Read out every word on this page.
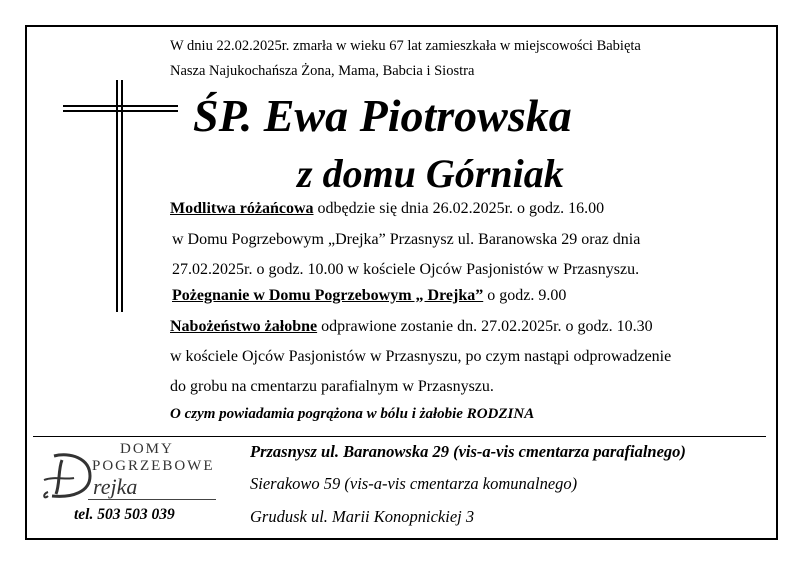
W dniu 22.02.2025r. zmarła w wieku 67 lat zamieszkała w miejscowości Babięta
Nasza Najukochańsza Żona, Mama, Babcia i Siostra
ŚP. Ewa Piotrowska
z domu Górniak
Modlitwa różańcowa odbędzie się dnia 26.02.2025r. o godz. 16.00
w Domu Pogrzebowym „Drejka” Przasnysz ul. Baranowska 29 oraz dnia
27.02.2025r. o godz. 10.00 w kościele Ojców Pasjonistów w Przasnyszu.
Pożegnanie w Domu Pogrzebowym „ Drejka” o godz. 9.00
Nabożeństwo żałobne odprawione zostanie dn. 27.02.2025r. o godz. 10.30
w kościele Ojców Pasjonistów w Przasnyszu, po czym nastąpi odprowadzenie
do grobu na cmentarzu parafialnym w Przasnyszu.
O czym powiadamia pogrążona w bólu i żałobie RODZINA
DOMY
POGRZEBOWE
rejka
tel. 503 503 039
Przasnysz ul. Baranowska 29 (vis-a-vis cmentarza parafialnego)
Sierakowo 59 (vis-a-vis cmentarza komunalnego)
Grudusk ul. Marii Konopnickiej 3
